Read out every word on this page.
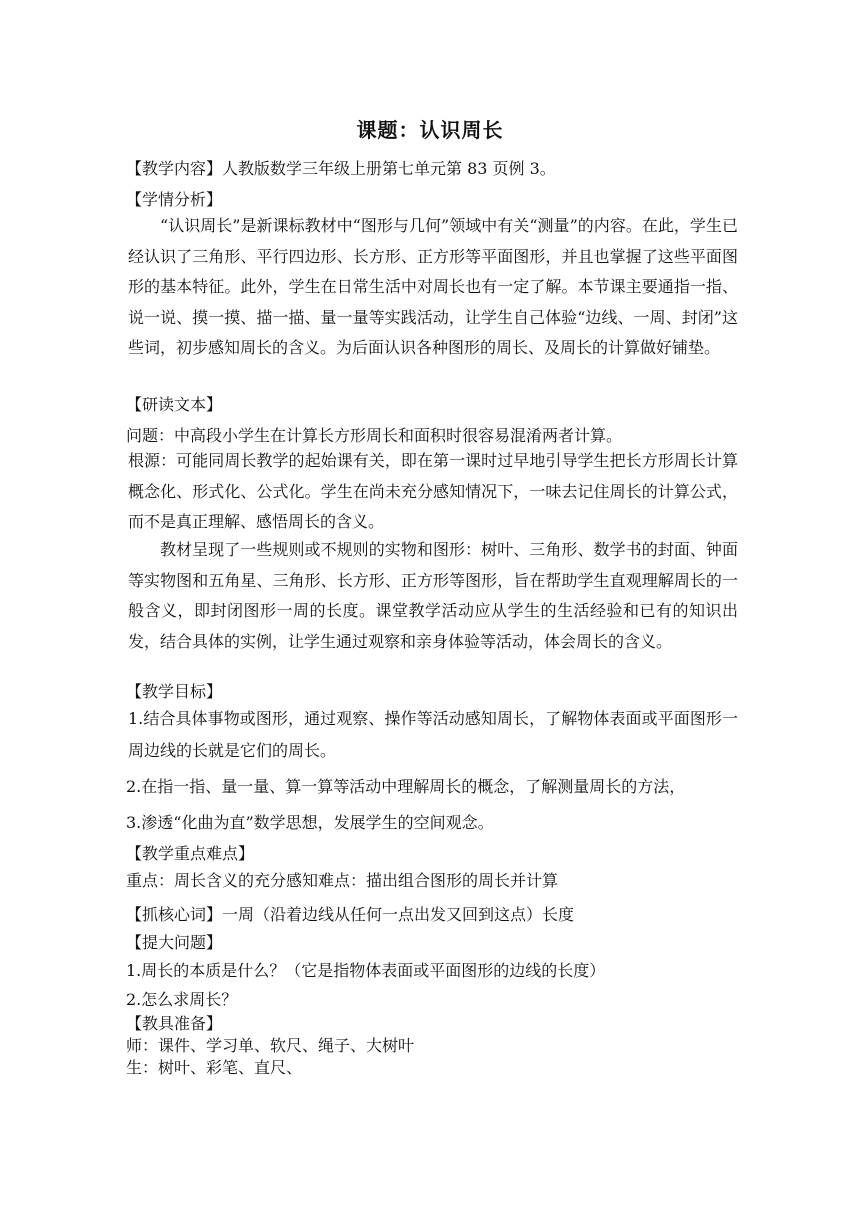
课题：认识周长
【教学内容】人教版数学三年级上册第七单元第 83 页例 3。
【学情分析】

“认识周长”是新课标教材中“图形与几何”领域中有关“测量”的内容。在此，学生已经认识了三角形、平行四边形、长方形、正方形等平面图形，并且也掌握了这些平面图形的基本特征。此外，学生在日常生活中对周长也有一定了解。本节课主要通指一指、说一说、摸一摸、描一描、量一量等实践活动，让学生自己体验“边线、一周、封闭”这些词，初步感知周长的含义。为后面认识各种图形的周长、及周长的计算做好铺垫。

【研读文本】
问题：中高段小学生在计算长方形周长和面积时很容易混淆两者计算。

根源：可能同周长教学的起始课有关，即在第一课时过早地引导学生把长方形周长计算概念化、形式化、公式化。学生在尚未充分感知情况下，一味去记住周长的计算公式，而不是真正理解、感悟周长的含义。

教材呈现了一些规则或不规则的实物和图形：树叶、三角形、数学书的封面、钟面等实物图和五角星、三角形、长方形、正方形等图形，旨在帮助学生直观理解周长的一般含义，即封闭图形一周的长度。课堂教学活动应从学生的生活经验和已有的知识出发，结合具体的实例，让学生通过观察和亲身体验等活动，体会周长的含义。

【教学目标】

1.结合具体事物或图形，通过观察、操作等活动感知周长，了解物体表面或平面图形一周边线的长就是它们的周长。

2.在指一指、量一量、算一算等活动中理解周长的概念，了解测量周长的方法，
3.渗透“化曲为直”数学思想，发展学生的空间观念。
【教学重点难点】
重点：周长含义的充分感知难点：描出组合图形的周长并计算
【抓核心词】一周（沿着边线从任何一点出发又回到这点）长度
【提大问题】
1.周长的本质是什么？（它是指物体表面或平面图形的边线的长度）
2.怎么求周长？
【教具准备】
师：课件、学习单、软尺、绳子、大树叶
生：树叶、彩笔、直尺、
